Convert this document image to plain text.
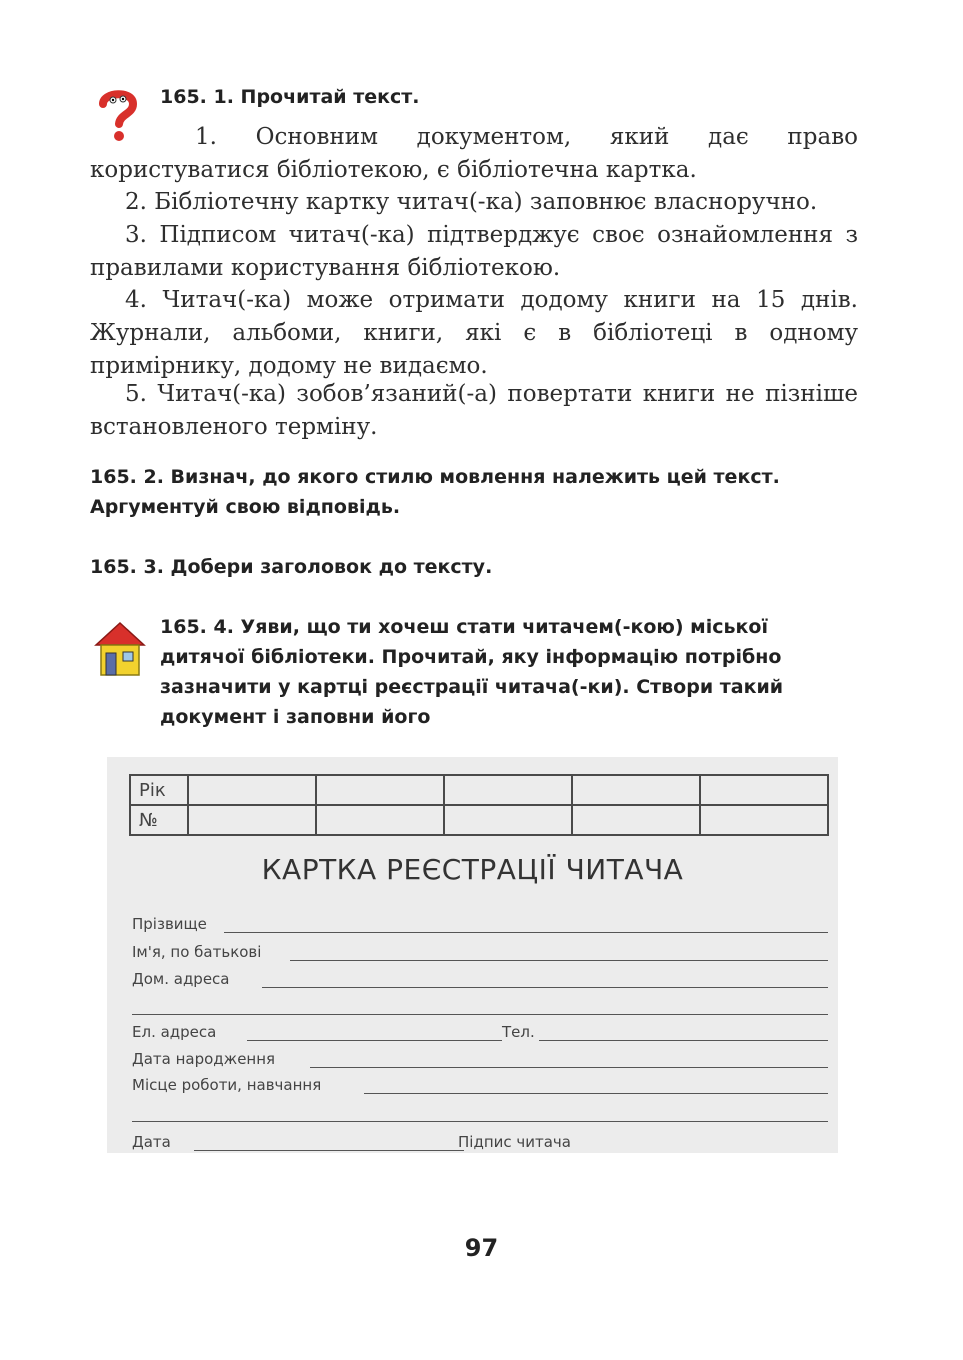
165. 1. Прочитай текст.

1. Основним документом, який дає право користуватися бібліотекою, є бібліотечна картка.

2. Бібліотечну картку читач(-ка) заповнює власноручно.

3. Підписом читач(-ка) підтверджує своє ознайомлення з правилами користування бібліотекою.

4. Читач(-ка) може отримати додому книги на 15 днів. Журнали, альбоми, книги, які є в бібліотеці в одному примірнику, додому не видаємо.

5. Читач(-ка) зобов’язаний(-а) повертати книги не пізніше встановленого терміну.

165. 2. Визнач, до якого стилю мовлення належить цей текст. Аргументуй свою відповідь.

165. 3. Добери заголовок до тексту.

165. 4. Уяви, що ти хочеш стати читачем(-кою) міської дитячої бібліотеки. Прочитай, яку інформацію потрібно зазначити у картці реєстрації читача(-ки). Створи такий документ і заповни його

Рік					
№					
КАРТКА РЕЄСТРАЦІЇ ЧИТАЧА
Прізвище
Ім'я, по батькові
Дом. адреса
Ел. адреса	Тел.
Дата народження
Місце роботи, навчання
Дата	Підпис читача

97
